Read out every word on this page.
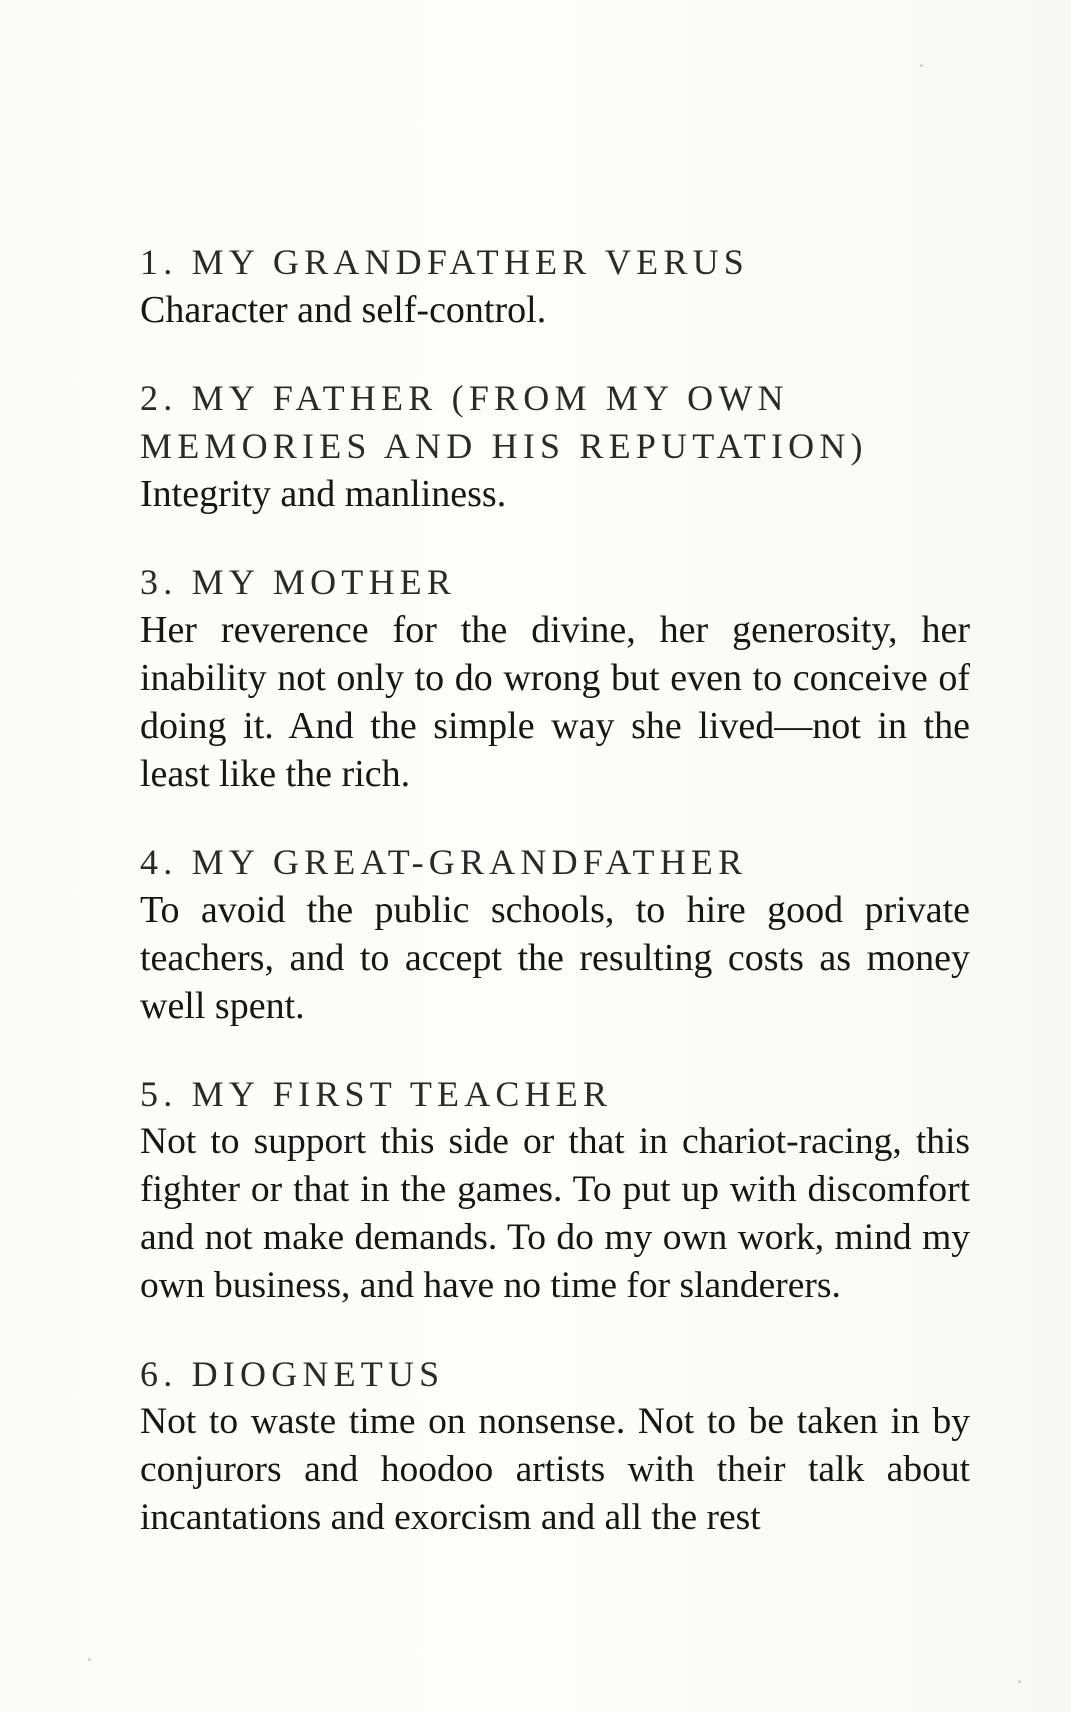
1. MY GRANDFATHER VERUS

Character and self-control.

2. MY FATHER (FROM MY OWN MEMORIES AND HIS REPUTATION)

Integrity and manliness.

3. MY MOTHER

Her reverence for the divine, her generosity, her inability not only to do wrong but even to conceive of doing it. And the simple way she lived—not in the least like the rich.

4. MY GREAT-GRANDFATHER

To avoid the public schools, to hire good private teachers, and to accept the resulting costs as money well spent.

5. MY FIRST TEACHER

Not to support this side or that in chariot-racing, this fighter or that in the games. To put up with discomfort and not make demands. To do my own work, mind my own business, and have no time for slanderers.

6. DIOGNETUS

Not to waste time on nonsense. Not to be taken in by conjurors and hoodoo artists with their talk about incantations and exorcism and all the rest
